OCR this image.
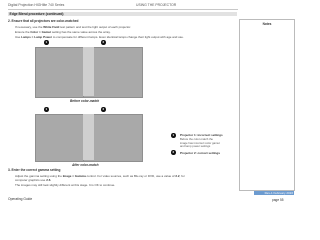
Digital Projection HIGHlite 740 Series	USING THE PROJECTOR
Edge Blend procedure (continued)
2. Ensure that all projectors are color-matched
If necessary, use the White Field test pattern and test the light output of each projector.
Ensure the Color > Gamut setting has the same value across the array.
Use Lamps > Lamp Power to compensate for different lamps. Even identical lamps change their light output with age and use.
1	2
Before color-match
1	2
After color-match
1	Projector 1: incorrect settings
Before the color-match the
image has incorrect color gamut
and lamp power settings
2	Projector 2: correct settings
3. Enter the correct gamma setting
Adjust the gamma setting using the Image > Gamma control. For video sources, such as Blu-ray or DVD, use a value of 2.2, for
computer graphics use 2.6.
The images may still look slightly different at this stage. It is OK to continue.
Notes
Operating Guide
Rev-1 February 2016
page 55
